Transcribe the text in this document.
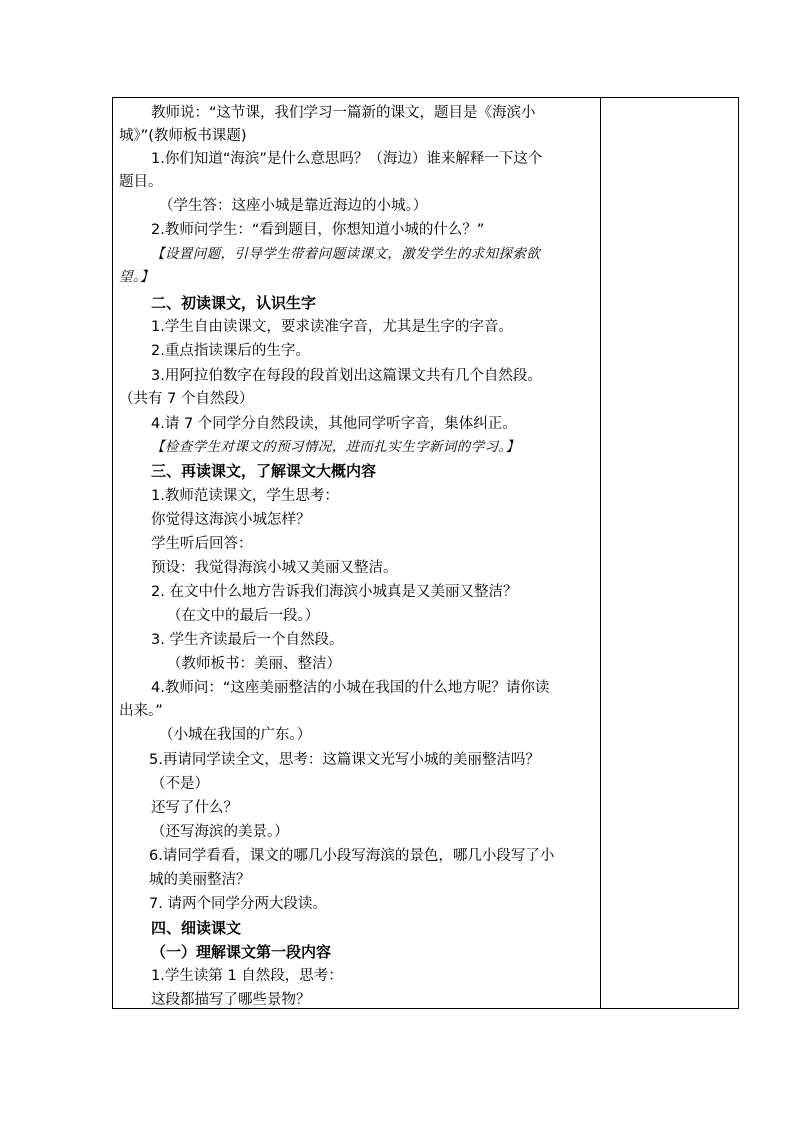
教师说：“这节课，我们学习一篇新的课文，题目是《海滨小
城》”(教师板书课题)
1.你们知道“海滨”是什么意思吗？（海边）谁来解释一下这个
题目。
（学生答：这座小城是靠近海边的小城。）
2.教师问学生：“看到题目，你想知道小城的什么？”
【设置问题，引导学生带着问题读课文，激发学生的求知探索欲
望。】
二、初读课文，认识生字
1.学生自由读课文，要求读准字音，尤其是生字的字音。
2.重点指读课后的生字。
3.用阿拉伯数字在每段的段首划出这篇课文共有几个自然段。
（共有 7 个自然段）
4.请 7 个同学分自然段读，其他同学听字音，集体纠正。
【检查学生对课文的预习情况，进而扎实生字新词的学习。】
三、再读课文，了解课文大概内容
1.教师范读课文，学生思考：
你觉得这海滨小城怎样？
学生听后回答：
预设：我觉得海滨小城又美丽又整洁。
2. 在文中什么地方告诉我们海滨小城真是又美丽又整洁？
（在文中的最后一段。）
3. 学生齐读最后一个自然段。
（教师板书：美丽、整洁）
4.教师问：“这座美丽整洁的小城在我国的什么地方呢？请你读
出来。”
（小城在我国的广东。）
5.再请同学读全文，思考：这篇课文光写小城的美丽整洁吗？
（不是）
还写了什么？
（还写海滨的美景。）
6.请同学看看，课文的哪几小段写海滨的景色，哪几小段写了小
城的美丽整洁？
7. 请两个同学分两大段读。
四、细读课文
（一）理解课文第一段内容
1.学生读第 1 自然段，思考：
这段都描写了哪些景物？
